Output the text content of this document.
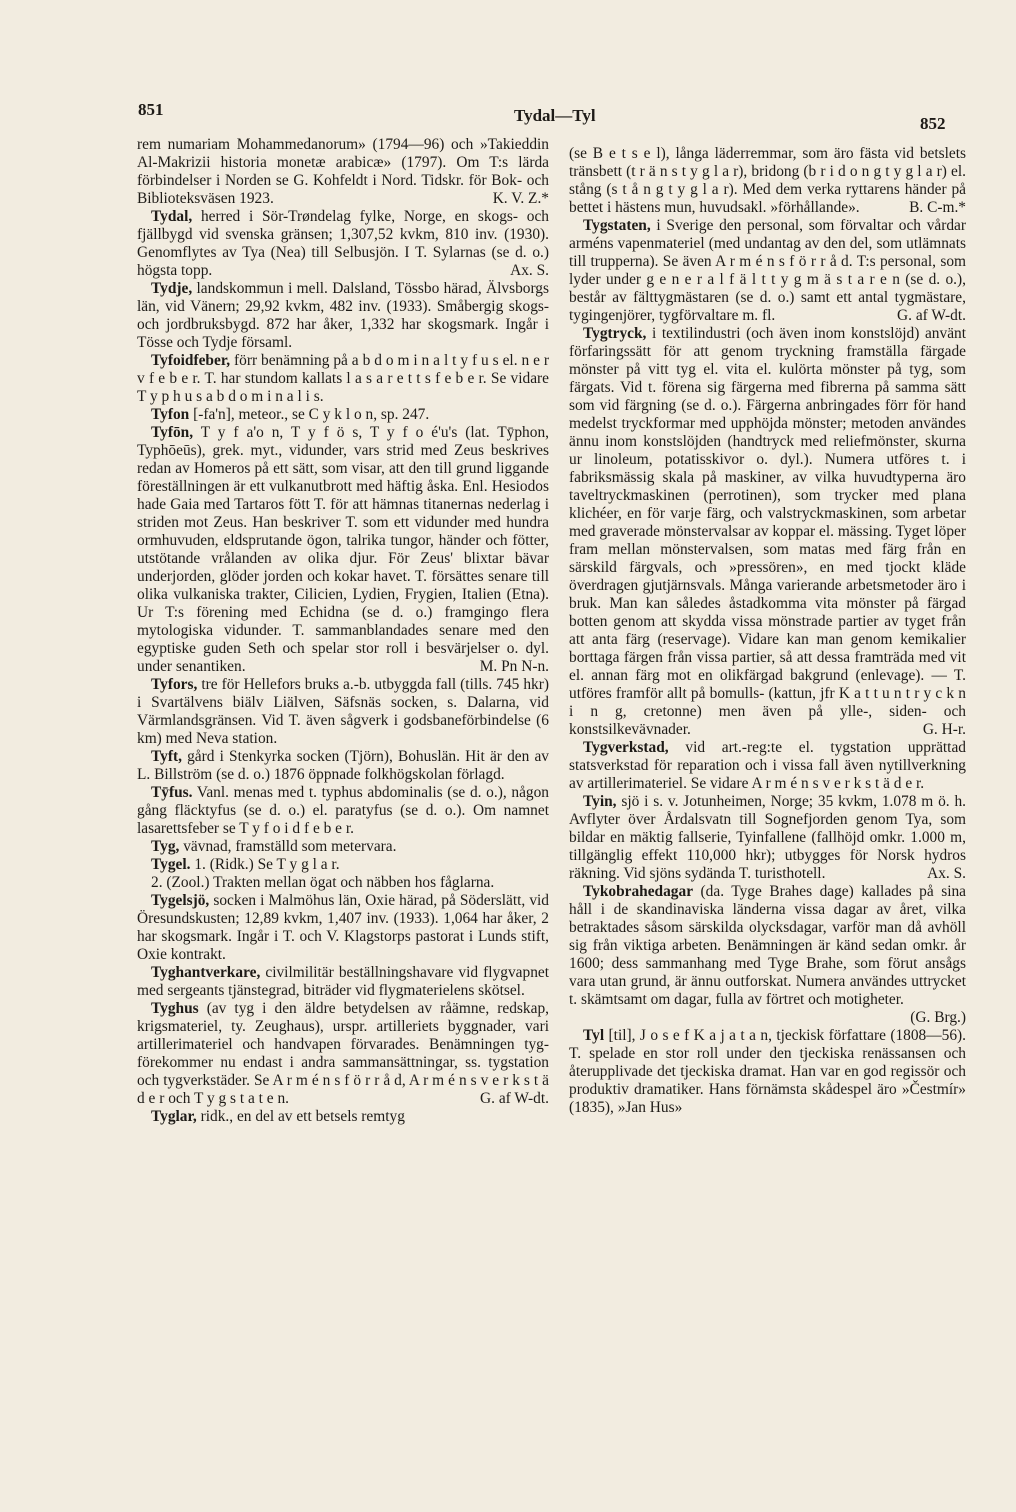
851	Tydal—Tyl	852

rem numariam Mohammedanorum» (1794—96) och »Takieddin Al-Makrizii historia monetæ arabicæ» (1797). Om T:s lärda förbindelser i Norden se G. Kohfeldt i Nord. Tidskr. för Bok- och Biblioteksväsen 1923.	K. V. Z.*

Tydal, herred i Sör-Trøndelag fylke, Norge, en skogs- och fjällbygd vid svenska gränsen; 1,307,52 kvkm, 810 inv. (1930). Genomflytes av Tya (Nea) till Selbusjön. I T. Sylarnas (se d. o.) högsta topp.	Ax. S.

Tydje, landskommun i mell. Dalsland, Tössbo härad, Älvsborgs län, vid Vänern; 29,92 kvkm, 482 inv. (1933). Småbergig skogs- och jordbruksbygd. 872 har åker, 1,332 har skogsmark. Ingår i Tösse och Tydje församl.

Tyfoidfeber, förr benämning på a b d o m i n a l t y f u s el. n e r v f e b e r. T. har stundom kallats l a s a r e t t s f e b e r. Se vidare T y p h u s a b d o m i n a l i s.

Tyfon [-fa'n], meteor., se C y k l o n, sp. 247.

Tyfōn, T y f a'o n, T y f ö s, T y f o é'u's (lat. Tȳphon, Typhōeūs), grek. myt., vidunder, vars strid med Zeus beskrives redan av Homeros på ett sätt, som visar, att den till grund liggande föreställningen är ett vulkanutbrott med häftig åska. Enl. Hesiodos hade Gaia med Tartaros fött T. för att hämnas titanernas nederlag i striden mot Zeus. Han beskriver T. som ett vidunder med hundra ormhuvuden, eldsprutande ögon, talrika tungor, händer och fötter, utstötande vrålanden av olika djur. För Zeus' blixtar bävar underjorden, glöder jorden och kokar havet. T. försättes senare till olika vulkaniska trakter, Cilicien, Lydien, Frygien, Italien (Etna). Ur T:s förening med Echidna (se d. o.) framgingo flera mytologiska vidunder. T. sammanblandades senare med den egyptiske guden Seth och spelar stor roll i besvärjelser o. dyl. under senantiken.	M. Pn N-n.

Tyfors, tre för Hellefors bruks a.-b. utbyggda fall (tills. 745 hkr) i Svartälvens biälv Liälven, Säfsnäs socken, s. Dalarna, vid Värmlandsgränsen. Vid T. även sågverk i godsbaneförbindelse (6 km) med Neva station.

Tyft, gård i Stenkyrka socken (Tjörn), Bohuslän. Hit är den av L. Billström (se d. o.) 1876 öppnade folkhögskolan förlagd.

Tȳfus. Vanl. menas med t. typhus abdominalis (se d. o.), någon gång fläcktyfus (se d. o.) el. paratyfus (se d. o.). Om namnet lasarettsfeber se T y f o i d f e b e r.

Tyg, vävnad, framställd som metervara.

Tygel. 1. (Ridk.) Se T y g l a r.

2. (Zool.) Trakten mellan ögat och näbben hos fåglarna.

Tygelsjö, socken i Malmöhus län, Oxie härad, på Söderslätt, vid Öresundskusten; 12,89 kvkm, 1,407 inv. (1933). 1,064 har åker, 2 har skogsmark. Ingår i T. och V. Klagstorps pastorat i Lunds stift, Oxie kontrakt.

Tyghantverkare, civilmilitär beställningshavare vid flygvapnet med sergeants tjänstegrad, biträder vid flygmaterielens skötsel.

Tyghus (av tyg i den äldre betydelsen av råämne, redskap, krigsmateriel, ty. Zeughaus), urspr. artilleriets byggnader, vari artillerimateriel och handvapen förvarades. Benämningen tyg- förekommer nu endast i andra sammansättningar, ss. tygstation och tygverkstäder. Se A r m é n s f ö r r å d, A r m é n s v e r k s t ä d e r och T y g s t a t e n.	G. af W-dt.

Tyglar, ridk., en del av ett betsels remtyg

(se B e t s e l), långa läderremmar, som äro fästa vid betslets tränsbett (t r ä n s t y g l a r), bridong (b r i d o n g t y g l a r) el. stång (s t å n g t y g l a r). Med dem verka ryttarens händer på bettet i hästens mun, huvudsakl. »förhållande».	B. C-m.*

Tygstaten, i Sverige den personal, som förvaltar och vårdar arméns vapenmateriel (med undantag av den del, som utlämnats till trupperna). Se även A r m é n s f ö r r å d. T:s personal, som lyder under g e n e r a l f ä l t t y g m ä s t a r e n (se d. o.), består av fälttygmästaren (se d. o.) samt ett antal tygmästare, tygingenjörer, tygförvaltare m. fl.	G. af W-dt.

Tygtryck, i textilindustri (och även inom konstslöjd) använt förfaringssätt för att genom tryckning framställa färgade mönster på vitt tyg el. vita el. kulörta mönster på tyg, som färgats. Vid t. förena sig färgerna med fibrerna på samma sätt som vid färgning (se d. o.). Färgerna anbringades förr för hand medelst tryckformar med upphöjda mönster; metoden användes ännu inom konstslöjden (handtryck med reliefmönster, skurna ur linoleum, potatisskivor o. dyl.). Numera utföres t. i fabriksmässig skala på maskiner, av vilka huvudtyperna äro taveltryckmaskinen (perrotinen), som trycker med plana klichéer, en för varje färg, och valstryckmaskinen, som arbetar med graverade mönstervalsar av koppar el. mässing. Tyget löper fram mellan mönstervalsen, som matas med färg från en särskild färgvals, och »pressören», en med tjockt kläde överdragen gjutjärnsvals. Många varierande arbetsmetoder äro i bruk. Man kan således åstadkomma vita mönster på färgad botten genom att skydda vissa mönstrade partier av tyget från att anta färg (reservage). Vidare kan man genom kemikalier borttaga färgen från vissa partier, så att dessa framträda med vit el. annan färg mot en olikfärgad bakgrund (enlevage). — T. utföres framför allt på bomulls- (kattun, jfr K a t t u n t r y c k n i n g, cretonne) men även på ylle-, siden- och konstsilkevävnader.	G. H-r.

Tygverkstad, vid art.-reg:te el. tygstation upprättad statsverkstad för reparation och i vissa fall även nytillverkning av artillerimateriel. Se vidare A r m é n s v e r k s t ä d e r.

Tyin, sjö i s. v. Jotunheimen, Norge; 35 kvkm, 1.078 m ö. h. Avflyter över Årdalsvatn till Sognefjorden genom Tya, som bildar en mäktig fallserie, Tyinfallene (fallhöjd omkr. 1.000 m, tillgänglig effekt 110,000 hkr); utbygges för Norsk hydros räkning. Vid sjöns sydända T. turisthotell.	Ax. S.

Tykobrahedagar (da. Tyge Brahes dage) kallades på sina håll i de skandinaviska länderna vissa dagar av året, vilka betraktades såsom särskilda olycksdagar, varför man då avhöll sig från viktiga arbeten. Benämningen är känd sedan omkr. år 1600; dess sammanhang med Tyge Brahe, som förut ansågs vara utan grund, är ännu outforskat. Numera användes uttrycket t. skämtsamt om dagar, fulla av förtret och motigheter.
(G. Brg.)

Tyl [til], J o s e f K a j a t a n, tjeckisk författare (1808—56). T. spelade en stor roll under den tjeckiska renässansen och återupplivade det tjeckiska dramat. Han var en god regissör och produktiv dramatiker. Hans förnämsta skådespel äro »Čestmír» (1835), »Jan Hus»
